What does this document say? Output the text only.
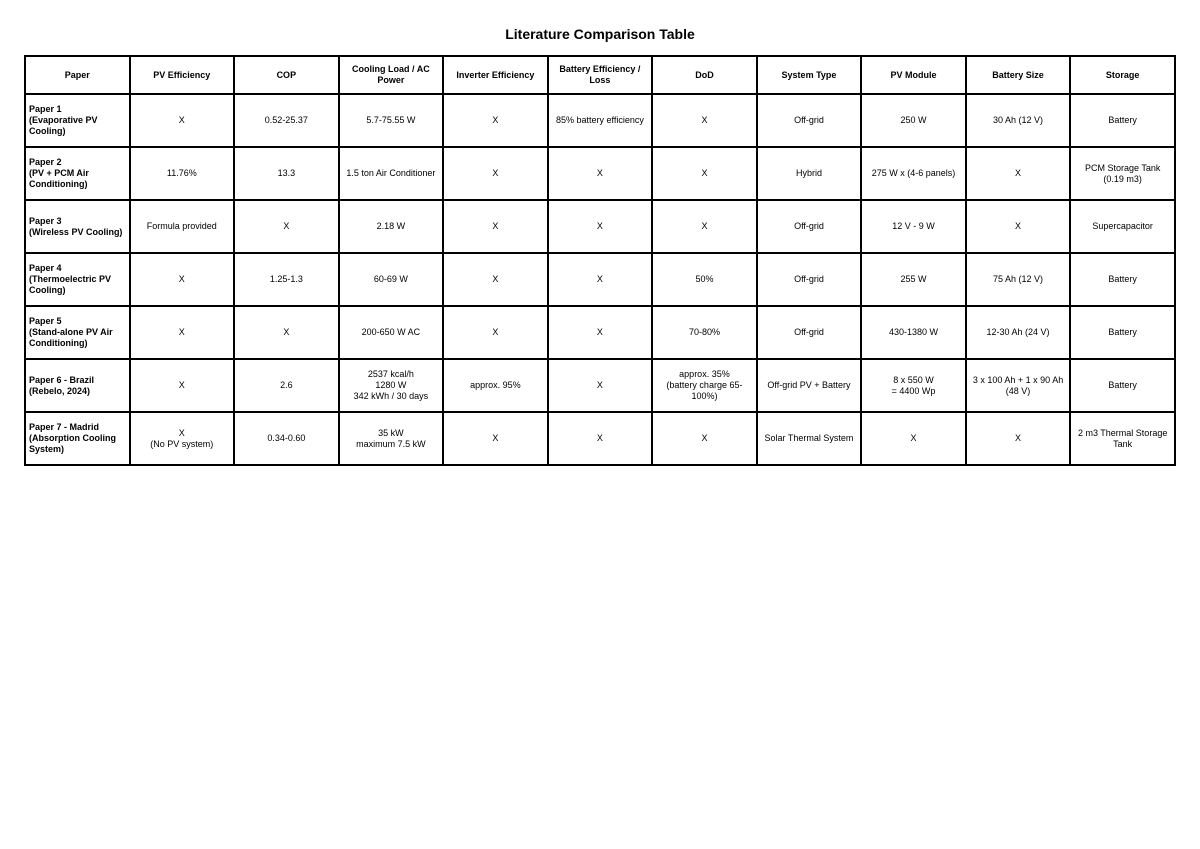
Literature Comparison Table
Paper	PV Efficiency	COP	Cooling Load / AC Power	Inverter Efficiency	Battery Efficiency / Loss	DoD	System Type	PV Module	Battery Size	Storage
Paper 1
(Evaporative PV Cooling)	X	0.52-25.37	5.7-75.55 W	X	85% battery efficiency	X	Off-grid	250 W	30 Ah (12 V)	Battery
Paper 2
(PV + PCM Air Conditioning)	11.76%	13.3	1.5 ton Air Conditioner	X	X	X	Hybrid	275 W x (4-6 panels)	X	PCM Storage Tank (0.19 m3)
Paper 3
(Wireless PV Cooling)	Formula provided	X	2.18 W	X	X	X	Off-grid	12 V - 9 W	X	Supercapacitor
Paper 4
(Thermoelectric PV Cooling)	X	1.25-1.3	60-69 W	X	X	50%	Off-grid	255 W	75 Ah (12 V)	Battery
Paper 5
(Stand-alone PV Air Conditioning)	X	X	200-650 W AC	X	X	70-80%	Off-grid	430-1380 W	12-30 Ah (24 V)	Battery
Paper 6 - Brazil
(Rebelo, 2024)	X	2.6	2537 kcal/h
1280 W
342 kWh / 30 days	approx. 95%	X	approx. 35%
(battery charge 65-100%)	Off-grid PV + Battery	8 x 550 W
= 4400 Wp	3 x 100 Ah + 1 x 90 Ah (48 V)	Battery
Paper 7 - Madrid
(Absorption Cooling System)	X
(No PV system)	0.34-0.60	35 kW
maximum 7.5 kW	X	X	X	Solar Thermal System	X	X	2 m3 Thermal Storage Tank
